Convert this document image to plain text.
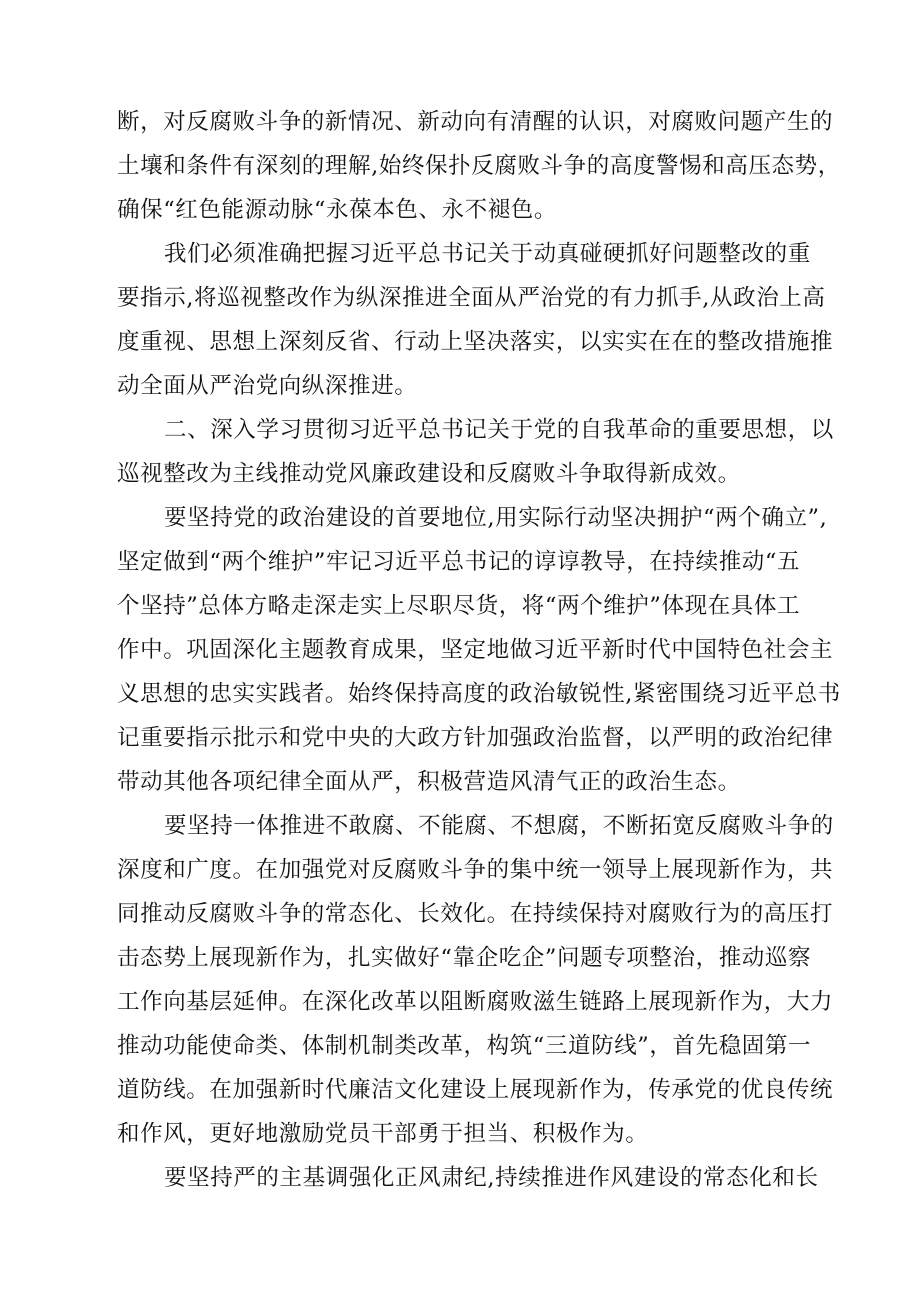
断，对反腐败斗争的新情况、新动向有清醒的认识，对腐败问题产生的
土壤和条件有深刻的理解,始终保扑反腐败斗争的高度警惕和高压态势，
确保“红色能源动脉“永葆本色、永不褪色。
我们必须准确把握习近平总书记关于动真碰硬抓好问题整改的重
要指示,将巡视整改作为纵深推进全面从严治党的有力抓手,从政治上高
度重视、思想上深刻反省、行动上坚决落实，以实实在在的整改措施推
动全面从严治党向纵深推进。
二、深入学习贯彻习近平总书记关于党的自我革命的重要思想，以
巡视整改为主线推动党风廉政建设和反腐败斗争取得新成效。
要坚持党的政治建设的首要地位,用实际行动坚决拥护“两个确立”,
坚定做到“两个维护”牢记习近平总书记的谆谆教导，在持续推动“五
个坚持”总体方略走深走实上尽职尽货，将“两个维护”体现在具体工
作中。巩固深化主题教育成果，坚定地做习近平新时代中国特色社会主
义思想的忠实实践者。始终保持高度的政治敏锐性,紧密围绕习近平总书
记重要指示批示和党中央的大政方针加强政治监督，以严明的政治纪律
带动其他各项纪律全面从严，积极营造风清气正的政治生态。
要坚持一体推进不敢腐、不能腐、不想腐，不断拓宽反腐败斗争的
深度和广度。在加强党对反腐败斗争的集中统一领导上展现新作为，共
同推动反腐败斗争的常态化、长效化。在持续保持对腐败行为的高压打
击态势上展现新作为，扎实做好“靠企吃企”问题专项整治，推动巡察
工作向基层延伸。在深化改革以阻断腐败滋生链路上展现新作为，大力
推动功能使命类、体制机制类改革，构筑“三道防线”，首先稳固第一
道防线。在加强新时代廉洁文化建设上展现新作为，传承党的优良传统
和作风，更好地激励党员干部勇于担当、积极作为。
要坚持严的主基调强化正风肃纪,持续推进作风建设的常态化和长
